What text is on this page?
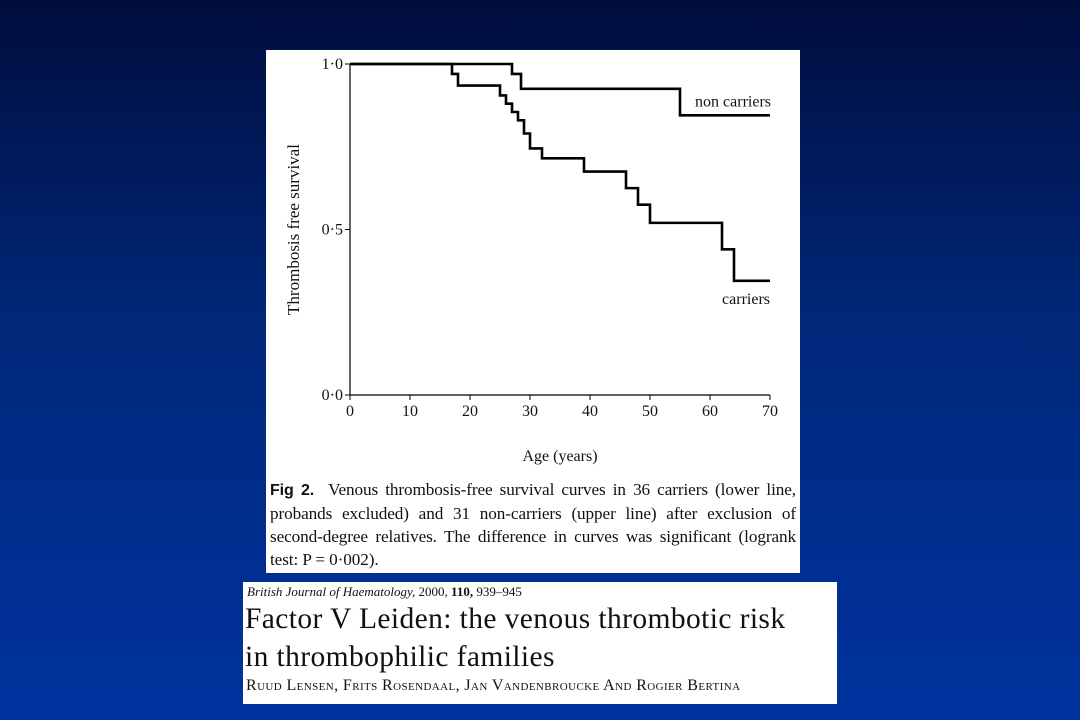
0	10	20	30	40	50	60	70
0·0
0·5
1·0
Age (years)
Thrombosis free survival
non carriers
carriers
Fig 2. Venous thrombosis-free survival curves in 36 carriers (lower line, probands excluded) and 31 non-carriers (upper line) after exclusion of second-degree relatives. The difference in curves was significant (logrank test: P = 0·002).
British Journal of Haematology, 2000, 110, 939–945
Factor V Leiden: the venous thrombotic risk
in thrombophilic families
Ruud Lensen, Frits Rosendaal, Jan Vandenbroucke And Rogier Bertina
